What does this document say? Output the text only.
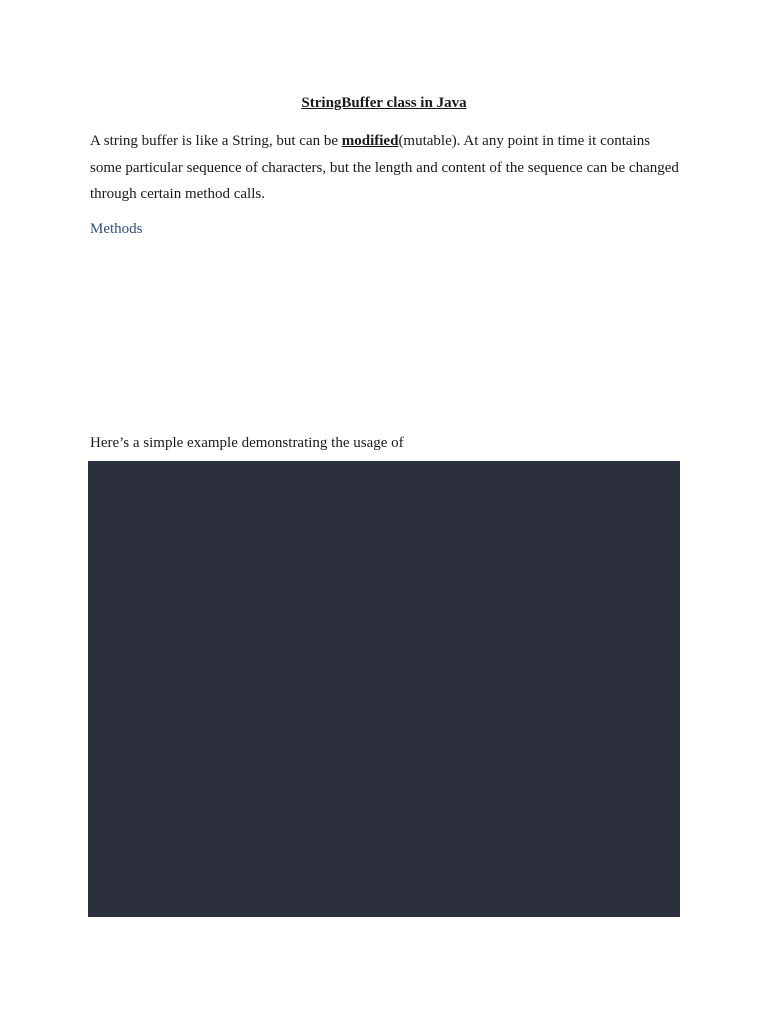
StringBuffer class in Java
A string buffer is like a String, but can be modified(mutable). At any point in time it contains some particular sequence of characters, but the length and content of the sequence can be changed through certain method calls.
Methods
Here’s a simple example demonstrating the usage of
